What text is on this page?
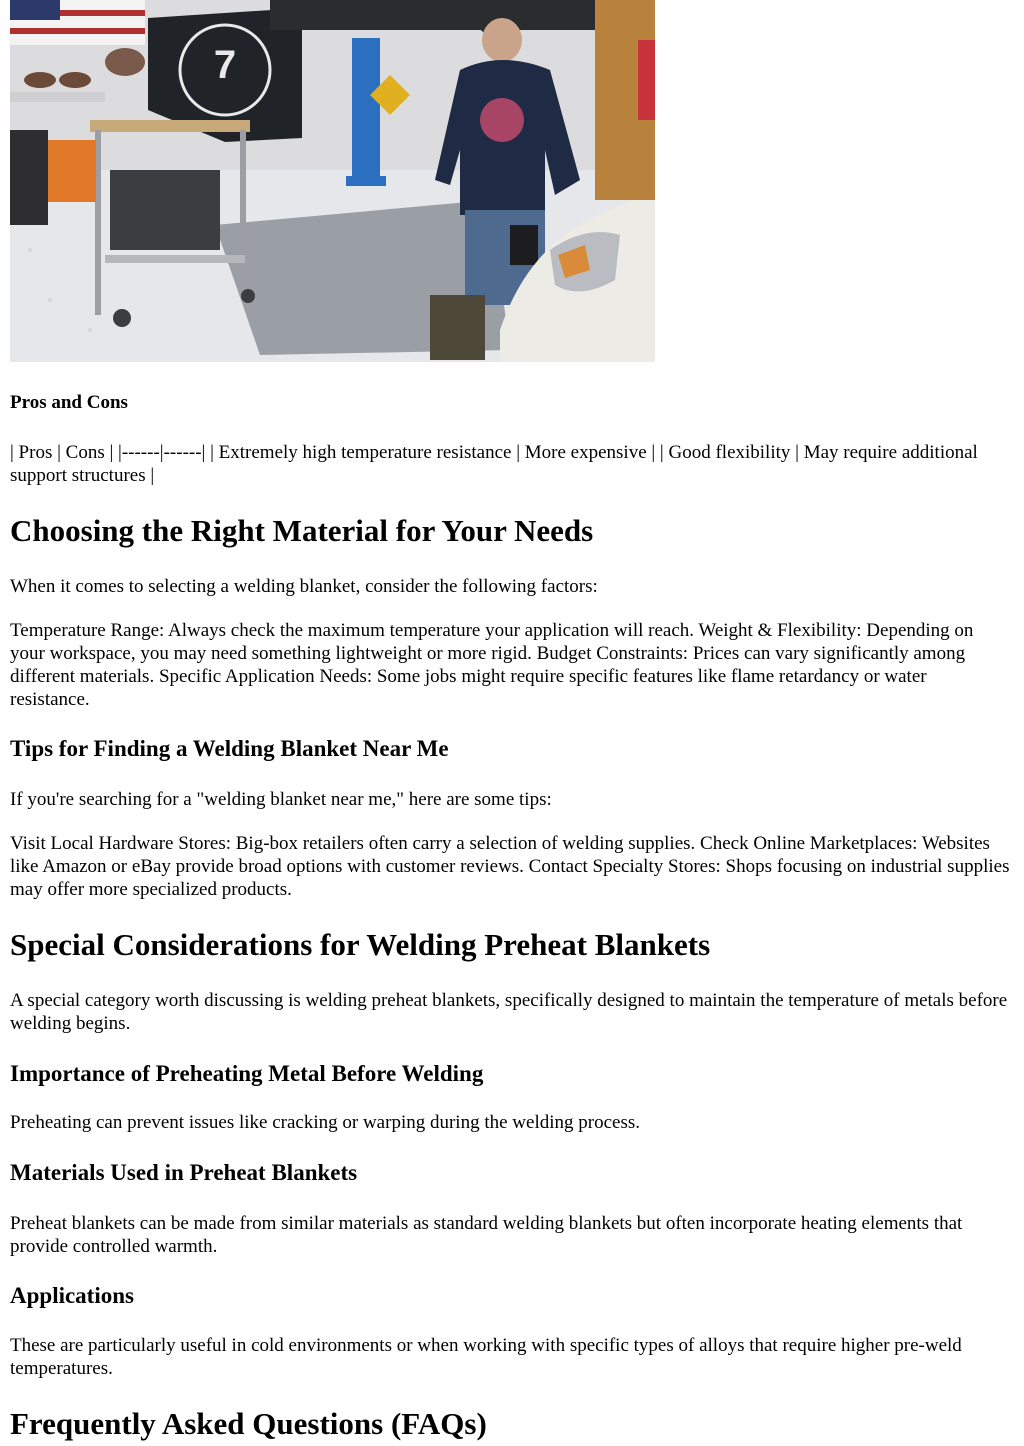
7
Pros and Cons

| Pros | Cons | |------|------| | Extremely high temperature resistance | More expensive | | Good flexibility | May require additional support structures |

Choosing the Right Material for Your Needs

When it comes to selecting a welding blanket, consider the following factors:

Temperature Range: Always check the maximum temperature your application will reach. Weight & Flexibility: Depending on your workspace, you may need something lightweight or more rigid. Budget Constraints: Prices can vary significantly among different materials. Specific Application Needs: Some jobs might require specific features like flame retardancy or water resistance.

Tips for Finding a Welding Blanket Near Me

If you're searching for a "welding blanket near me," here are some tips:

Visit Local Hardware Stores: Big-box retailers often carry a selection of welding supplies. Check Online Marketplaces: Websites like Amazon or eBay provide broad options with customer reviews. Contact Specialty Stores: Shops focusing on industrial supplies may offer more specialized products.

Special Considerations for Welding Preheat Blankets

A special category worth discussing is welding preheat blankets, specifically designed to maintain the temperature of metals before welding begins.

Importance of Preheating Metal Before Welding

Preheating can prevent issues like cracking or warping during the welding process.

Materials Used in Preheat Blankets

Preheat blankets can be made from similar materials as standard welding blankets but often incorporate heating elements that provide controlled warmth.

Applications

These are particularly useful in cold environments or when working with specific types of alloys that require higher pre-weld temperatures.

Frequently Asked Questions (FAQs)
